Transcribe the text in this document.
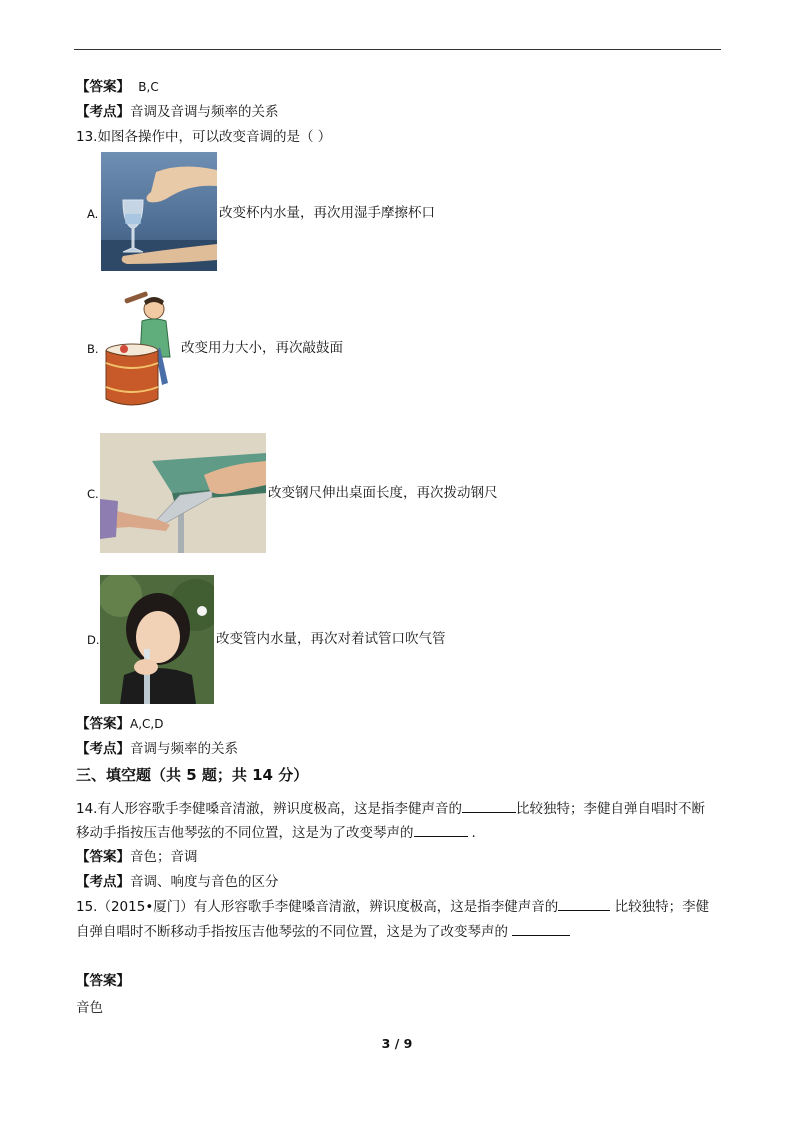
【答案】 B,C
【考点】音调及音调与频率的关系
13.如图各操作中，可以改变音调的是（ ）
A.	改变杯内水量，再次用湿手摩擦杯口
B.	改变用力大小，再次敲鼓面
C.	改变钢尺伸出桌面长度，再次拨动钢尺
D.	改变管内水量，再次对着试管口吹气管
【答案】A,C,D
【考点】音调与频率的关系
三、填空题（共 5 题；共 14 分）
14.有人形容歌手李健嗓音清澈，辨识度极高，这是指李健声音的	比较独特；李健自弹自唱时不断
移动手指按压吉他琴弦的不同位置，这是为了改变琴声的	.
【答案】音色；音调
【考点】音调、响度与音色的区分
15.（2015•厦门）有人形容歌手李健嗓音清澈，辨识度极高，这是指李健声音的	比较独特；李健
自弹自唱时不断移动手指按压吉他琴弦的不同位置，这是为了改变琴声的
【答案】
音色
3 / 9
